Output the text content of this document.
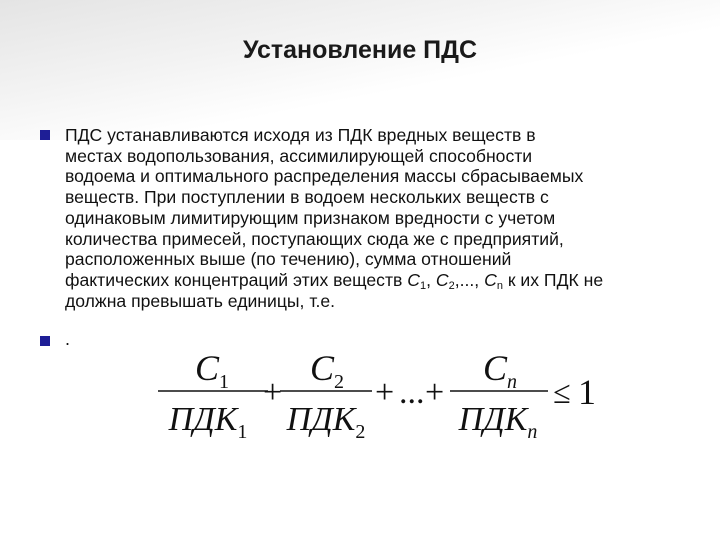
Установление ПДС
ПДС устанавливаются исходя из ПДК вредных веществ в
местах водопользования, ассимилирующей способности
водоема и оптимального распределения массы сбрасываемых
веществ. При поступлении в водоем нескольких веществ с
одинаковым лимитирующим признаком вредности с учетом
количества примесей, поступающих сюда же с предприятий,
расположенных выше (по течению), сумма отношений
фактических концентраций этих веществ $C_1$, $C_2$,..., $C_n$ к их ПДК не
должна превышать единицы, т.е.
.
$C_1$
$ПДК_1$
+
$C_2$
$ПДК_2$
+ ... +
$C_n$
$ПДК_n$
≤ 1
